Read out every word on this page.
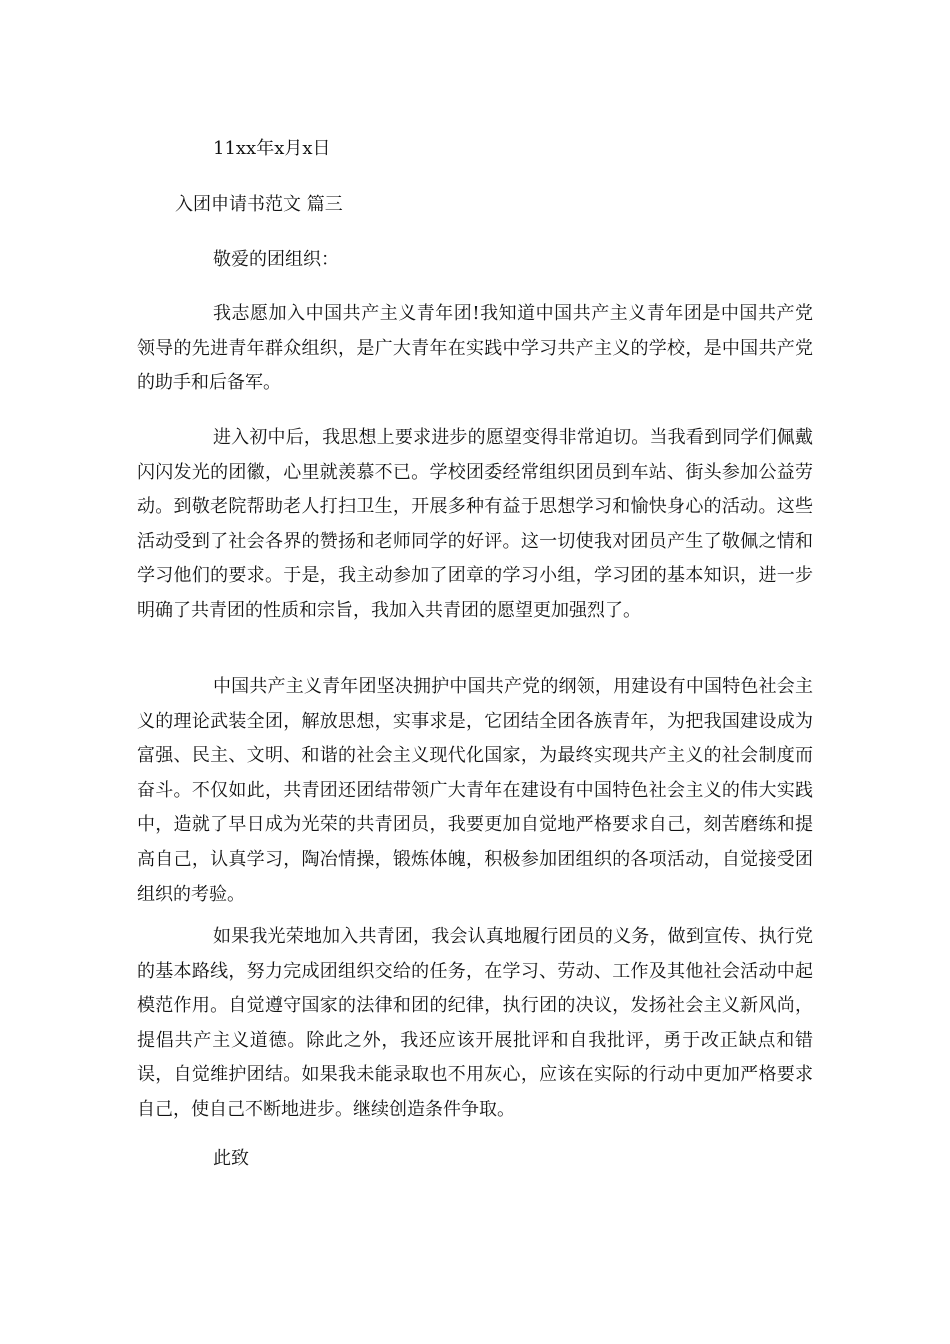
11xx年x月x日
入团申请书范文 篇三
敬爱的团组织：
我志愿加入中国共产主义青年团!我知道中国共产主义青年团是中国共产党领导的先进青年群众组织，是广大青年在实践中学习共产主义的学校，是中国共产党的助手和后备军。
进入初中后，我思想上要求进步的愿望变得非常迫切。当我看到同学们佩戴闪闪发光的团徽，心里就羡慕不已。学校团委经常组织团员到车站、街头参加公益劳动。到敬老院帮助老人打扫卫生，开展多种有益于思想学习和愉快身心的活动。这些活动受到了社会各界的赞扬和老师同学的好评。这一切使我对团员产生了敬佩之情和学习他们的要求。于是，我主动参加了团章的学习小组，学习团的基本知识，进一步明确了共青团的性质和宗旨，我加入共青团的愿望更加强烈了。
中国共产主义青年团坚决拥护中国共产党的纲领，用建设有中国特色社会主义的理论武装全团，解放思想，实事求是，它团结全团各族青年，为把我国建设成为富强、民主、文明、和谐的社会主义现代化国家，为最终实现共产主义的社会制度而奋斗。不仅如此，共青团还团结带领广大青年在建设有中国特色社会主义的伟大实践中，造就了早日成为光荣的共青团员，我要更加自觉地严格要求自己，刻苦磨练和提高自己，认真学习，陶冶情操，锻炼体魄，积极参加团组织的各项活动，自觉接受团组织的考验。
如果我光荣地加入共青团，我会认真地履行团员的义务，做到宣传、执行党的基本路线，努力完成团组织交给的任务，在学习、劳动、工作及其他社会活动中起模范作用。自觉遵守国家的法律和团的纪律，执行团的决议，发扬社会主义新风尚，提倡共产主义道德。除此之外，我还应该开展批评和自我批评，勇于改正缺点和错误，自觉维护团结。如果我未能录取也不用灰心，应该在实际的行动中更加严格要求自己，使自己不断地进步。继续创造条件争取。
此致
